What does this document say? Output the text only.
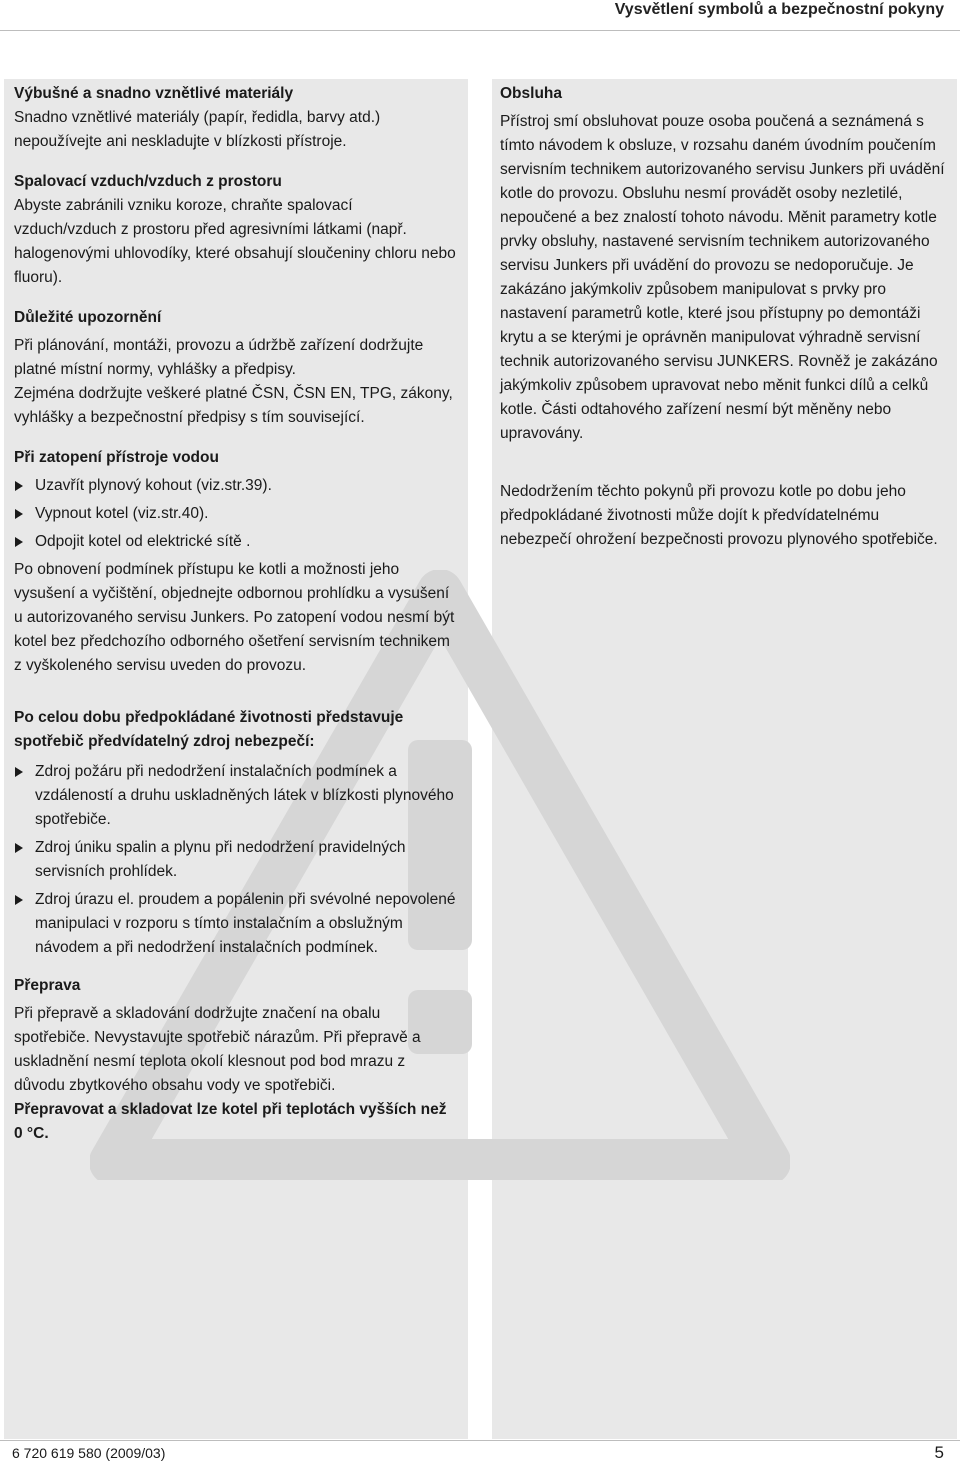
Vysvětlení symbolů a bezpečnostní pokyny

Výbušné a snadno vznětlivé materiály

Snadno vznětlivé materiály (papír, ředidla, barvy atd.) nepoužívejte ani neskladujte v blízkosti přístroje.

Spalovací vzduch/vzduch z prostoru

Abyste zabránili vzniku koroze, chraňte spalovací vzduch/vzduch z prostoru před agresivními látkami (např. halogenovými uhlovodíky, které obsahují sloučeniny chloru nebo fluoru).

Důležité upozornění

Při plánování, montáži, provozu a údržbě zařízení dodržujte platné místní normy, vyhlášky a předpisy.

Zejména dodržujte veškeré platné ČSN, ČSN EN, TPG, zákony, vyhlášky a bezpečnostní předpisy s tím související.

Při zatopení přístroje vodou

Uzavřít plynový kohout (viz.str.39).
Vypnout kotel (viz.str.40).
Odpojit kotel od elektrické sítě .

Po obnovení podmínek přístupu ke kotli a možnosti jeho vysušení a vyčištění, objednejte odbornou prohlídku a vysušení u autorizovaného servisu Junkers. Po zatopení vodou nesmí být kotel bez předchozího odborného ošetření servisním technikem z vyškoleného servisu uveden do provozu.

Po celou dobu předpokládané životnosti představuje spotřebič předvídatelný zdroj nebezpečí:

Zdroj požáru při nedodržení instalačních podmínek a vzdáleností a druhu uskladněných látek v blízkosti plynového spotřebiče.
Zdroj úniku spalin a plynu při nedodržení pravidelných servisních prohlídek.
Zdroj úrazu el. proudem a popálenin při svévolné nepovolené manipulaci v rozporu s tímto instalačním a obslužným návodem a při nedodržení instalačních podmínek.

Přeprava

Při přepravě a skladování dodržujte značení na obalu spotřebiče. Nevystavujte spotřebič nárazům. Při přepravě a uskladnění nesmí teplota okolí klesnout pod bod mrazu z důvodu zbytkového obsahu vody ve spotřebiči.

Přepravovat a skladovat lze kotel při teplotách vyšších než 0 °C.

Obsluha

Přístroj smí obsluhovat pouze osoba poučená a seznámená s tímto návodem k obsluze, v rozsahu daném úvodním poučením servisním technikem autorizovaného servisu Junkers při uvádění kotle do provozu. Obsluhu nesmí provádět osoby nezletilé, nepoučené a bez znalostí tohoto návodu. Měnit parametry kotle prvky obsluhy, nastavené servisním technikem autorizovaného servisu Junkers při uvádění do provozu se nedoporučuje. Je zakázáno jakýmkoliv způsobem manipulovat s prvky pro nastavení parametrů kotle, které jsou přístupny po demontáži krytu a se kterými je oprávněn manipulovat výhradně servisní technik autorizovaného servisu JUNKERS. Rovněž je zakázáno jakýmkoliv způsobem upravovat nebo měnit funkci dílů a celků kotle. Části odtahového zařízení nesmí být měněny nebo upravovány.

Nedodržením těchto pokynů při provozu kotle po dobu jeho předpokládané životnosti může dojít k předvídatelnému nebezpečí ohrožení bezpečnosti provozu plynového spotřebiče.

6 720 619 580 (2009/03)	5
